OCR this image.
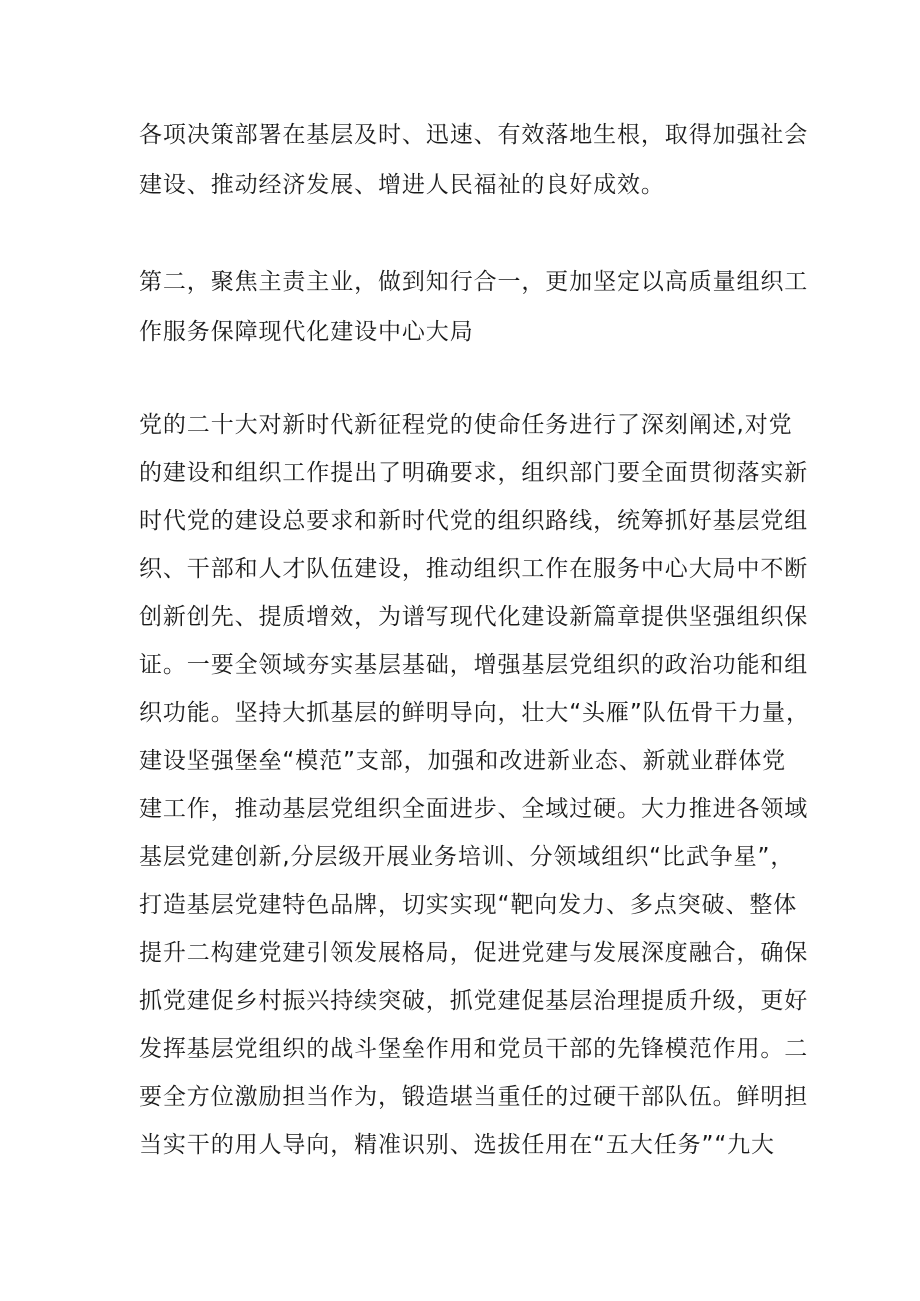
各项决策部署在基层及时、迅速、有效落地生根，取得加强社会
建设、推动经济发展、增进人民福祉的良好成效。
第二，聚焦主责主业，做到知行合一，更加坚定以高质量组织工
作服务保障现代化建设中心大局
党的二十大对新时代新征程党的使命任务进行了深刻阐述,对党
的建设和组织工作提出了明确要求，组织部门要全面贯彻落实新
时代党的建设总要求和新时代党的组织路线，统筹抓好基层党组
织、干部和人才队伍建设，推动组织工作在服务中心大局中不断
创新创先、提质增效，为谱写现代化建设新篇章提供坚强组织保
证。一要全领域夯实基层基础，增强基层党组织的政治功能和组
织功能。坚持大抓基层的鲜明导向，壮大“头雁”队伍骨干力量，
建设坚强堡垒“模范”支部，加强和改进新业态、新就业群体党
建工作，推动基层党组织全面进步、全域过硬。大力推进各领域
基层党建创新,分层级开展业务培训、分领域组织“比武争星”，
打造基层党建特色品牌，切实实现“靶向发力、多点突破、整体
提升二构建党建引领发展格局，促进党建与发展深度融合，确保
抓党建促乡村振兴持续突破，抓党建促基层治理提质升级，更好
发挥基层党组织的战斗堡垒作用和党员干部的先锋模范作用。二
要全方位激励担当作为，锻造堪当重任的过硬干部队伍。鲜明担
当实干的用人导向，精准识别、选拔任用在“五大任务”“九大
